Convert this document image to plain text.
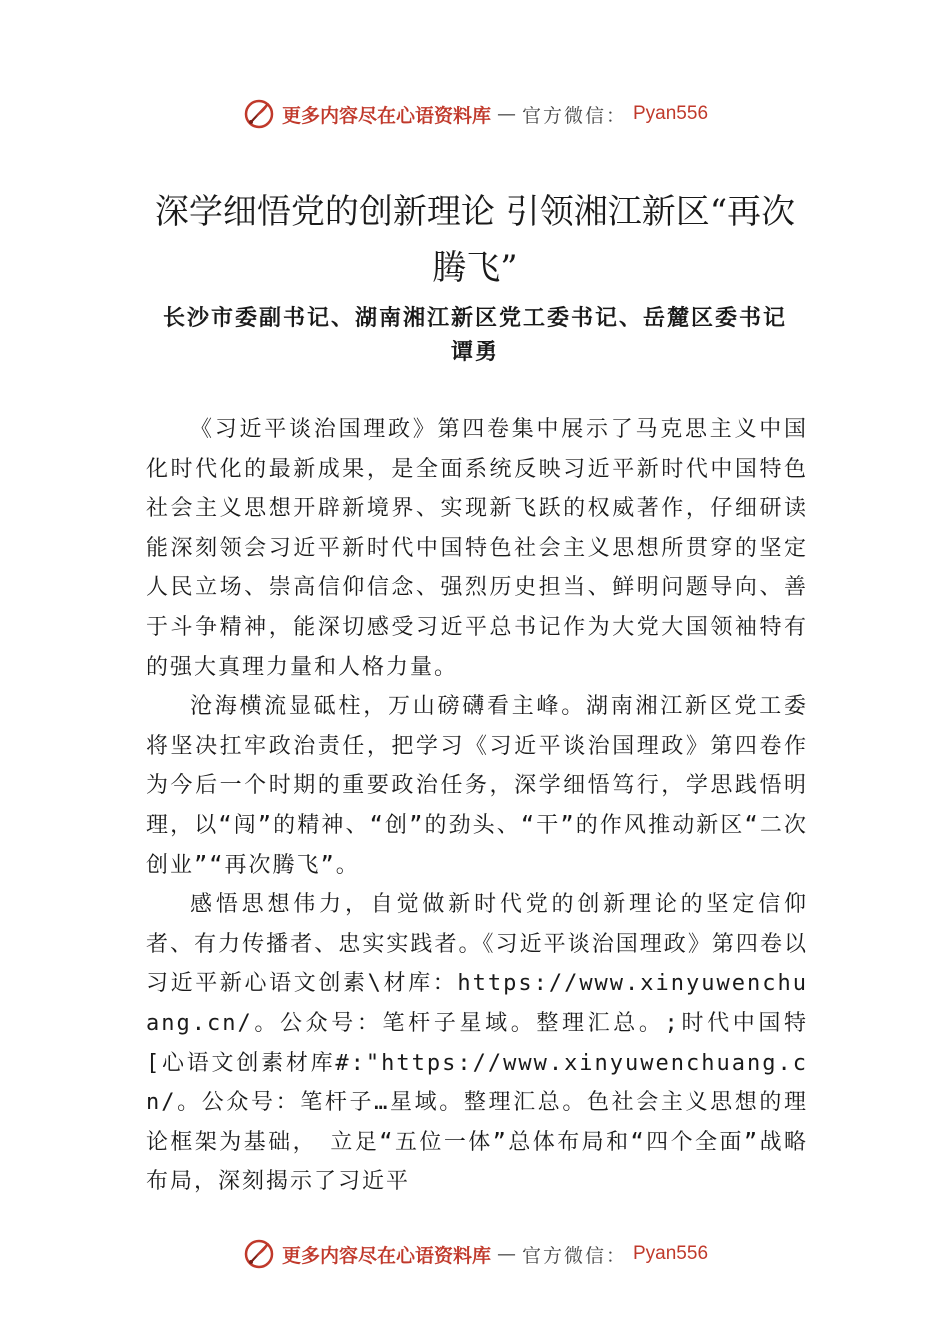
更多内容尽在心语资料库 — 官方微信： Pyan556
深学细悟党的创新理论 引领湘江新区“再次腾飞”
长沙市委副书记、湖南湘江新区党工委书记、岳麓区委书记　谭勇

《习近平谈治国理政》第四卷集中展示了马克思主义中国化时代化的最新成果，是全面系统反映习近平新时代中国特色社会主义思想开辟新境界、实现新飞跃的权威著作，仔细研读能深刻领会习近平新时代中国特色社会主义思想所贯穿的坚定人民立场、崇高信仰信念、强烈历史担当、鲜明问题导向、善于斗争精神，能深切感受习近平总书记作为大党大国领袖特有的强大真理力量和人格力量。

沧海横流显砥柱，万山磅礴看主峰。湖南湘江新区党工委将坚决扛牢政治责任，把学习《习近平谈治国理政》第四卷作为今后一个时期的重要政治任务，深学细悟笃行，学思践悟明理，以“闯”的精神、“创”的劲头、“干”的作风推动新区“二次创业”“再次腾飞”。

感悟思想伟力，自觉做新时代党的创新理论的坚定信仰者、有力传播者、忠实实践者。《习近平谈治国理政》第四卷以习近平新心语文创素\材库：https://www.xinyuwenchuang.cn/。公众号：笔杆子星域。整理汇总。;时代中国特[心语文创素材库#:"https://www.xinyuwenchuang.cn/。公众号：笔杆子…星域。整理汇总。色社会主义思想的理论框架为基础，　立足“五位一体”总体布局和“四个全面”战略布局，深刻揭示了习近平

更多内容尽在心语资料库 — 官方微信： Pyan556
